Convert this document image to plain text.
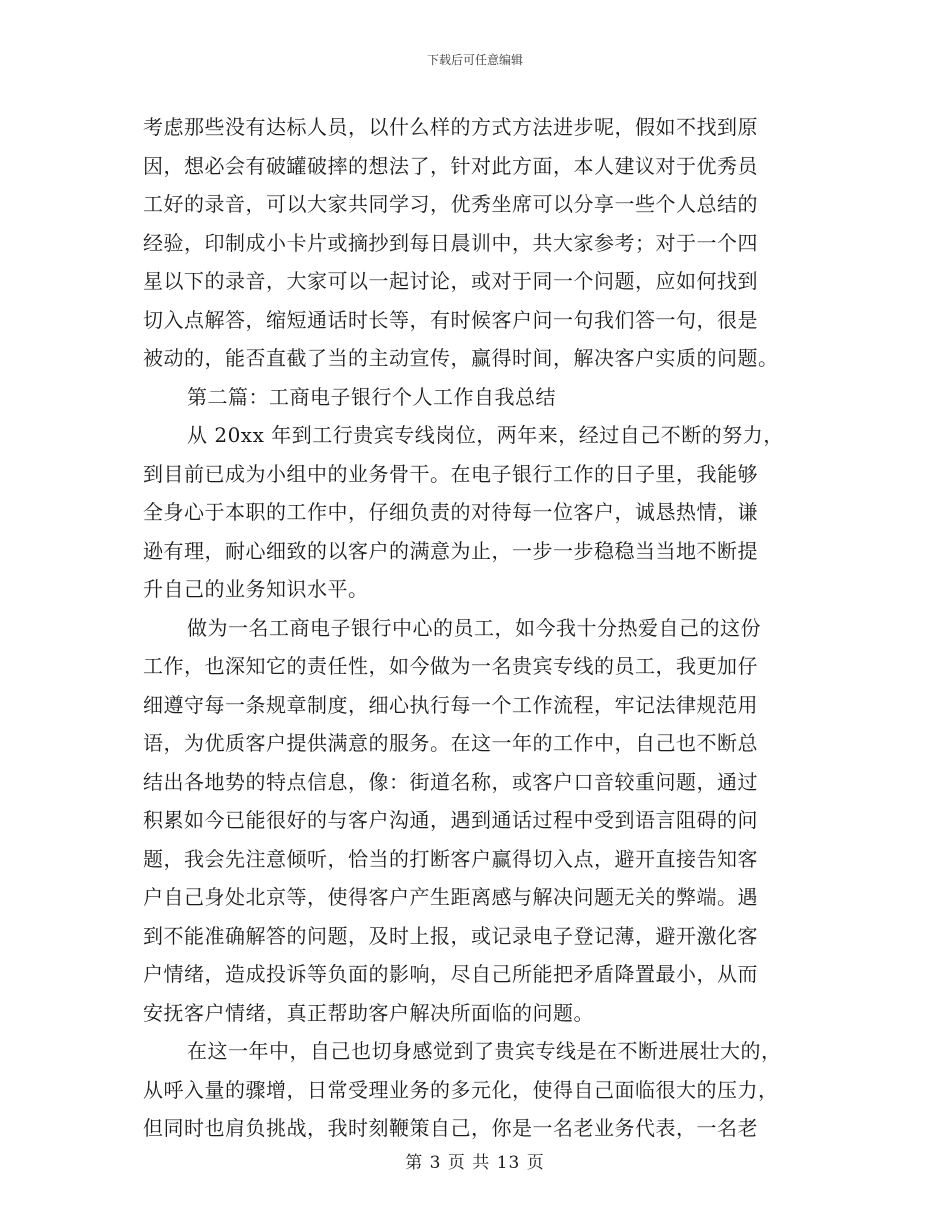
下载后可任意编辑
考虑那些没有达标人员，以什么样的方式方法进步呢，假如不找到原
因，想必会有破罐破摔的想法了，针对此方面，本人建议对于优秀员
工好的录音，可以大家共同学习，优秀坐席可以分享一些个人总结的
经验，印制成小卡片或摘抄到每日晨训中，共大家参考；对于一个四
星以下的录音，大家可以一起讨论，或对于同一个问题，应如何找到
切入点解答，缩短通话时长等，有时候客户问一句我们答一句，很是
被动的，能否直截了当的主动宣传，赢得时间，解决客户实质的问题。
第二篇：工商电子银行个人工作自我总结
从 20xx 年到工行贵宾专线岗位，两年来，经过自己不断的努力，
到目前已成为小组中的业务骨干。在电子银行工作的日子里，我能够
全身心于本职的工作中，仔细负责的对待每一位客户，诚恳热情，谦
逊有理，耐心细致的以客户的满意为止，一步一步稳稳当当地不断提
升自己的业务知识水平。
做为一名工商电子银行中心的员工，如今我十分热爱自己的这份
工作，也深知它的责任性，如今做为一名贵宾专线的员工，我更加仔
细遵守每一条规章制度，细心执行每一个工作流程，牢记法律规范用
语，为优质客户提供满意的服务。在这一年的工作中，自己也不断总
结出各地势的特点信息，像：街道名称，或客户口音较重问题，通过
积累如今已能很好的与客户沟通，遇到通话过程中受到语言阻碍的问
题，我会先注意倾听，恰当的打断客户赢得切入点，避开直接告知客
户自己身处北京等，使得客户产生距离感与解决问题无关的弊端。遇
到不能准确解答的问题，及时上报，或记录电子登记薄，避开激化客
户情绪，造成投诉等负面的影响，尽自己所能把矛盾降置最小，从而
安抚客户情绪，真正帮助客户解决所面临的问题。
在这一年中，自己也切身感觉到了贵宾专线是在不断进展壮大的，
从呼入量的骤增，日常受理业务的多元化，使得自己面临很大的压力，
但同时也肩负挑战，我时刻鞭策自己，你是一名老业务代表，一名老
第 3 页 共 13 页
